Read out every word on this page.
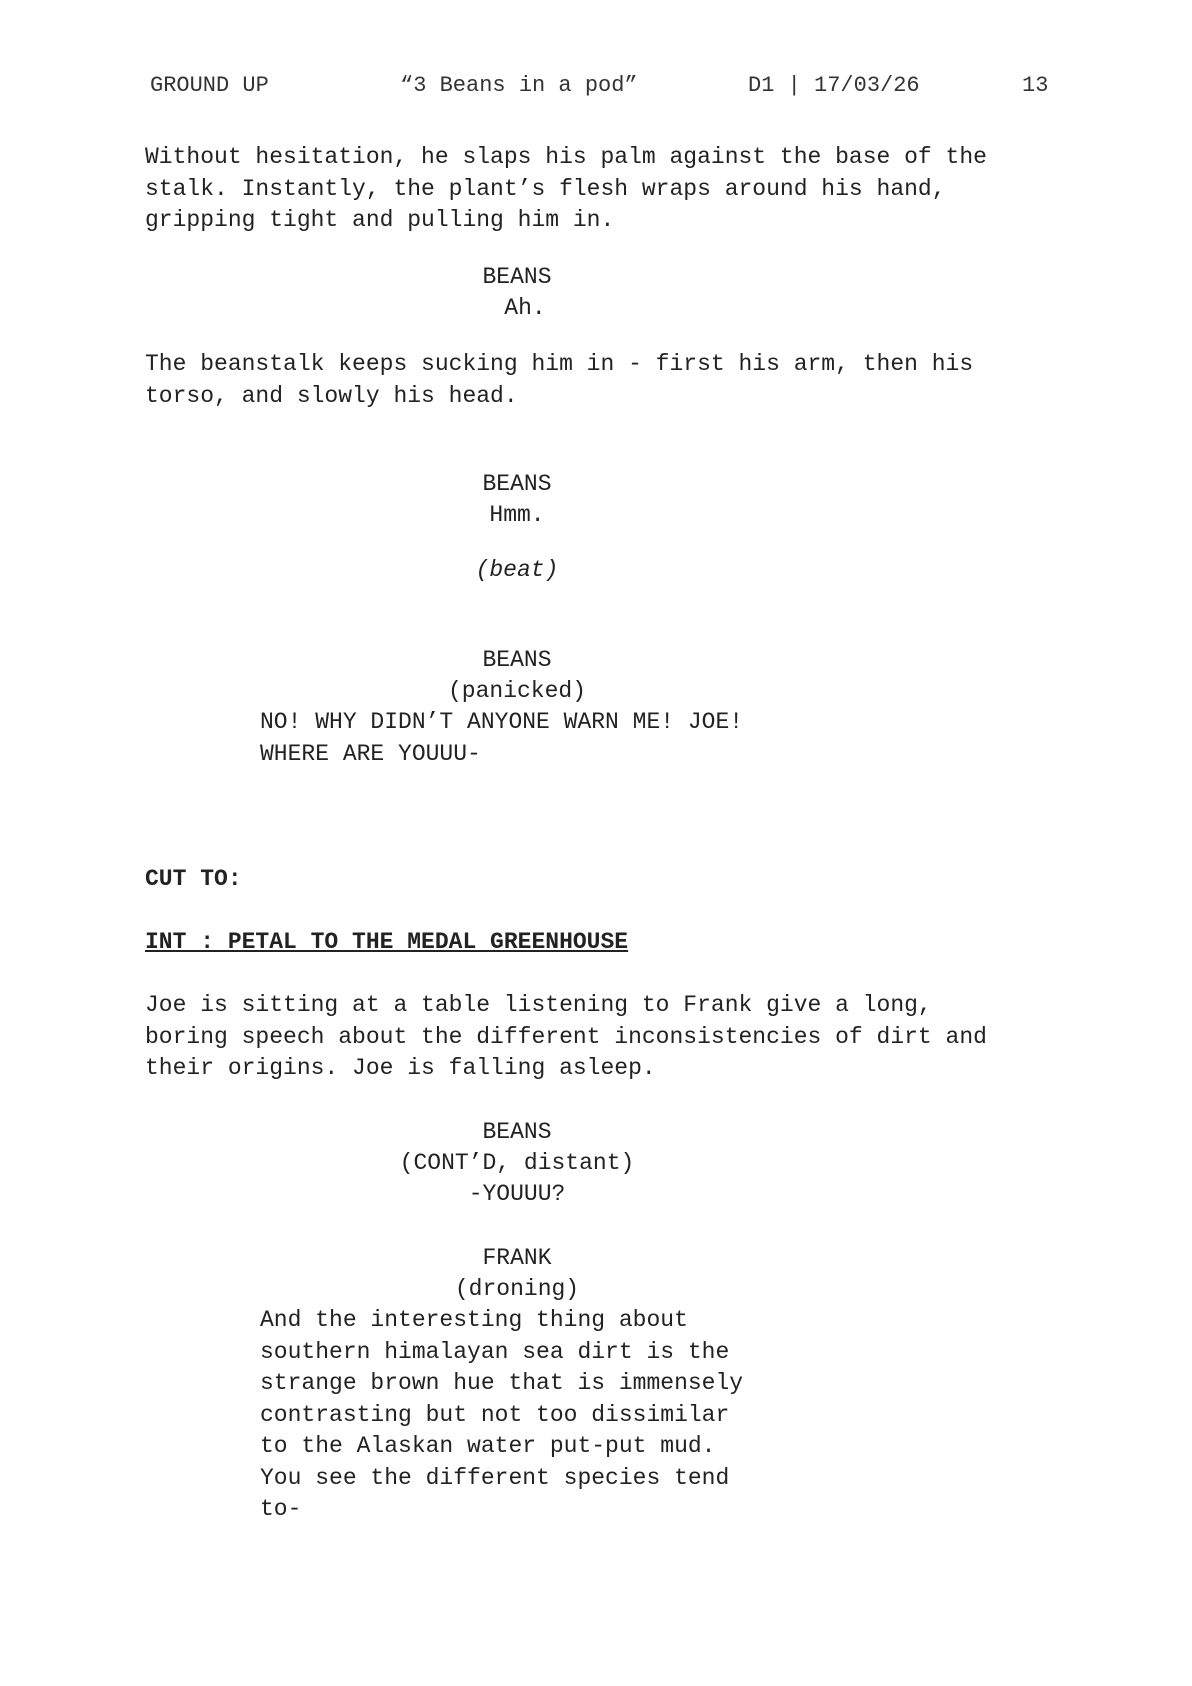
GROUND UP	“3 Beans in a pod”	D1 | 17/03/26	13
Without hesitation, he slaps his palm against the base of the
stalk. Instantly, the plant’s flesh wraps around his hand,
gripping tight and pulling him in.
BEANS
Ah.
The beanstalk keeps sucking him in - first his arm, then his
torso, and slowly his head.
BEANS
Hmm.
(beat)
BEANS
(panicked)
NO! WHY DIDN’T ANYONE WARN ME! JOE!
WHERE ARE YOUUU-
CUT TO:
INT : PETAL TO THE MEDAL GREENHOUSE
Joe is sitting at a table listening to Frank give a long,
boring speech about the different inconsistencies of dirt and
their origins. Joe is falling asleep.
BEANS
(CONT’D, distant)
-YOUUU?
FRANK
(droning)
And the interesting thing about
southern himalayan sea dirt is the
strange brown hue that is immensely
contrasting but not too dissimilar
to the Alaskan water put-put mud.
You see the different species tend
to-
